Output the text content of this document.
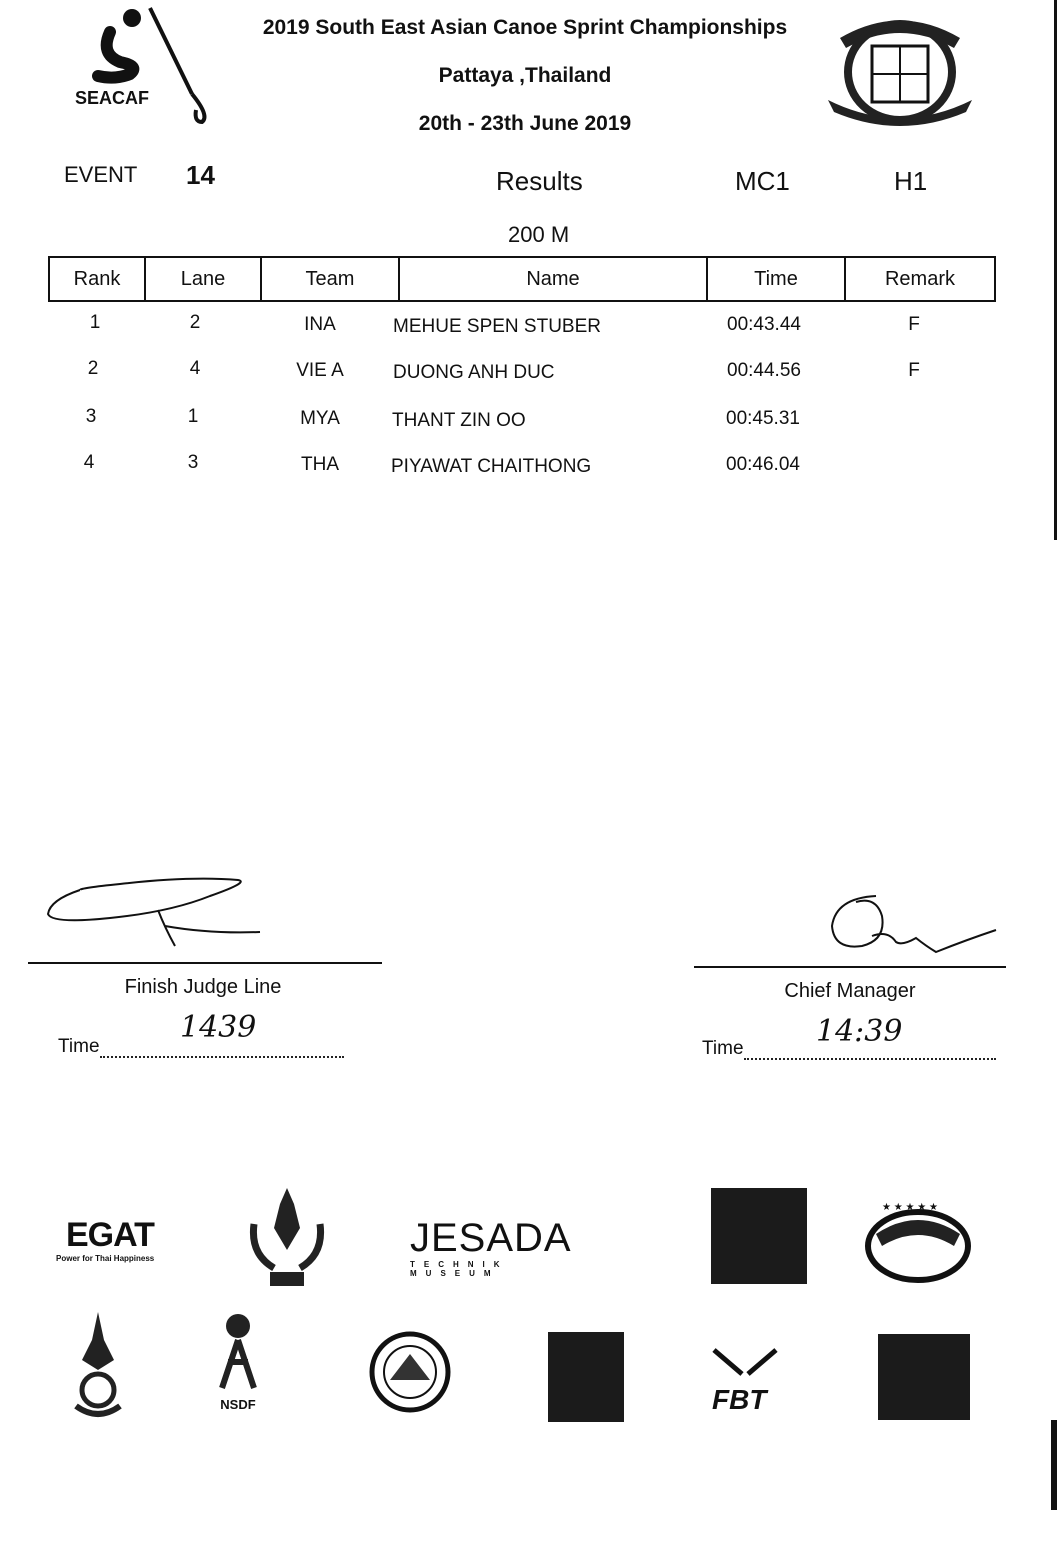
SEACAF
2019 South East Asian Canoe Sprint Championships
Pattaya ,Thailand
20th - 23th June 2019
EVENT 14	Results	MC1	H1
200 M
Rank	Lane	Team	Name	Time	Remark
1	2	INA	MEHUE SPEN STUBER	00:43.44	F
2	4	VIE A	DUONG ANH DUC	00:44.56	F
3	1	MYA	THANT ZIN OO	00:45.31
4	3	THA	PIYAWAT CHAITHONG	00:46.04
Finish Judge Line
Time
1439
Chief Manager
Time	14:39
EGAT
Power for Thai Happiness	JESADA
TECHNIK MUSEUM
★ ★ ★ ★ ★
NSDF	FBT
